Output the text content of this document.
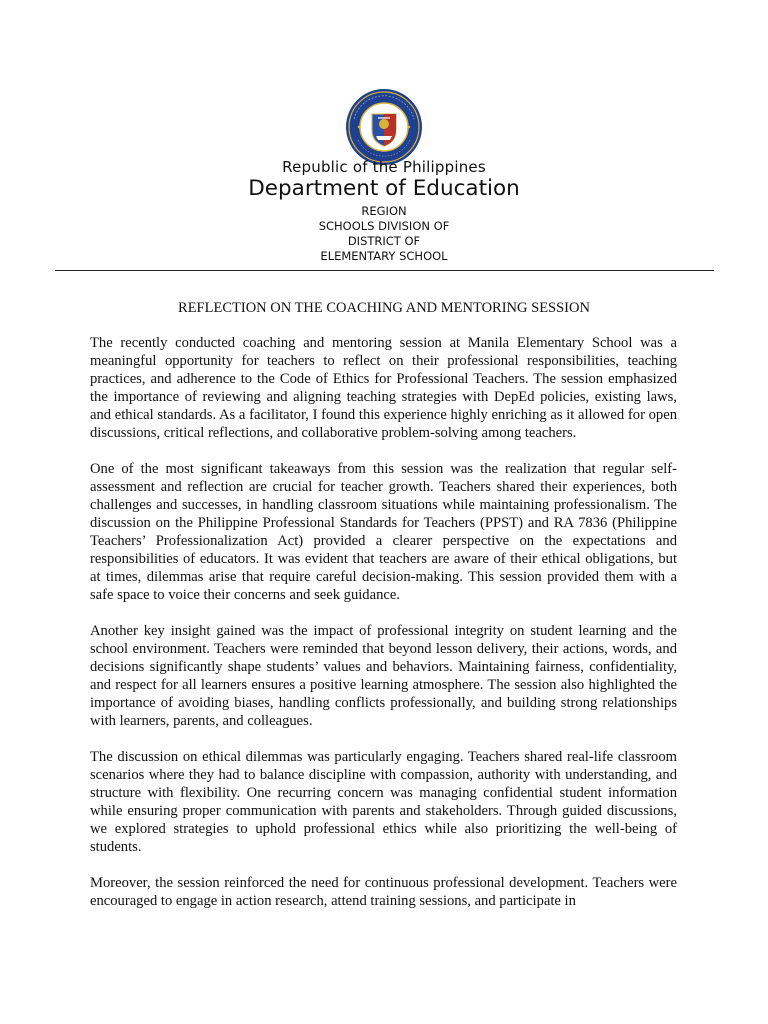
Republic of the Philippines
Department of Education
REGION
SCHOOLS DIVISION OF
DISTRICT OF
ELEMENTARY SCHOOL
REFLECTION ON THE COACHING AND MENTORING SESSION

The recently conducted coaching and mentoring session at Manila Elementary School was a meaningful opportunity for teachers to reflect on their professional responsibilities, teaching practices, and adherence to the Code of Ethics for Professional Teachers. The session emphasized the importance of reviewing and aligning teaching strategies with DepEd policies, existing laws, and ethical standards. As a facilitator, I found this experience highly enriching as it allowed for open discussions, critical reflections, and collaborative problem-solving among teachers.

One of the most significant takeaways from this session was the realization that regular self-assessment and reflection are crucial for teacher growth. Teachers shared their experiences, both challenges and successes, in handling classroom situations while maintaining professionalism. The discussion on the Philippine Professional Standards for Teachers (PPST) and RA 7836 (Philippine Teachers’ Professionalization Act) provided a clearer perspective on the expectations and responsibilities of educators. It was evident that teachers are aware of their ethical obligations, but at times, dilemmas arise that require careful decision-making. This session provided them with a safe space to voice their concerns and seek guidance.

Another key insight gained was the impact of professional integrity on student learning and the school environment. Teachers were reminded that beyond lesson delivery, their actions, words, and decisions significantly shape students’ values and behaviors. Maintaining fairness, confidentiality, and respect for all learners ensures a positive learning atmosphere. The session also highlighted the importance of avoiding biases, handling conflicts professionally, and building strong relationships with learners, parents, and colleagues.

The discussion on ethical dilemmas was particularly engaging. Teachers shared real-life classroom scenarios where they had to balance discipline with compassion, authority with understanding, and structure with flexibility. One recurring concern was managing confidential student information while ensuring proper communication with parents and stakeholders. Through guided discussions, we explored strategies to uphold professional ethics while also prioritizing the well-being of students.

Moreover, the session reinforced the need for continuous professional development. Teachers were encouraged to engage in action research, attend training sessions, and participate in
